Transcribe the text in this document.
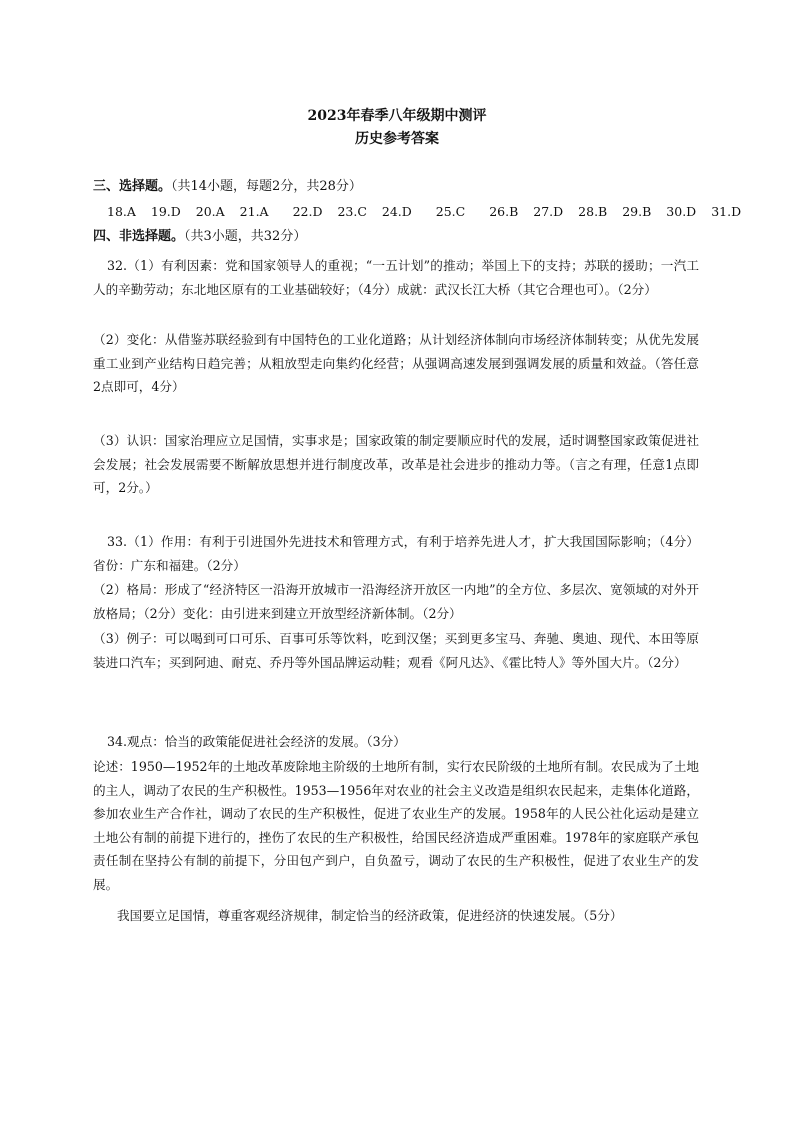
2023年春季八年级期中测评
历史参考答案
三、选择题。（共14小题，每题2分，共28分）
18.A 19.D 20.A 21.A 22.D 23.C 24.D 25.C 26.B 27.D 28.B 29.B 30.D 31.D
四、非选择题。（共3小题，共32分）
32.（1）有利因素：党和国家领导人的重视；“一五计划”的推动；举国上下的支持；苏联的援助；一汽工人的辛勤劳动；东北地区原有的工业基础较好；（4分）成就：武汉长江大桥（其它合理也可）。（2分）
（2）变化：从借鉴苏联经验到有中国特色的工业化道路；从计划经济体制向市场经济体制转变；从优先发展重工业到产业结构日趋完善；从粗放型走向集约化经营；从强调高速发展到强调发展的质量和效益。（答任意2点即可，4分）
（3）认识：国家治理应立足国情，实事求是；国家政策的制定要顺应时代的发展，适时调整国家政策促进社会发展；社会发展需要不断解放思想并进行制度改革，改革是社会进步的推动力等。（言之有理，任意1点即可，2分。）
33.（1）作用：有利于引进国外先进技术和管理方式，有利于培养先进人才，扩大我国国际影响；（4分）省份：广东和福建。（2分）
（2）格局：形成了“经济特区一沿海开放城市一沿海经济开放区一内地”的全方位、多层次、宽领域的对外开放格局；（2分）变化：由引进来到建立开放型经济新体制。（2分）
（3）例子：可以喝到可口可乐、百事可乐等饮料，吃到汉堡；买到更多宝马、奔驰、奥迪、现代、本田等原装进口汽车；买到阿迪、耐克、乔丹等外国品牌运动鞋；观看《阿凡达》、《霍比特人》等外国大片。（2分）
34.观点：恰当的政策能促进社会经济的发展。（3分）
论述：1950—1952年的土地改革废除地主阶级的土地所有制，实行农民阶级的土地所有制。农民成为了土地的主人，调动了农民的生产积极性。1953—1956年对农业的社会主义改造是组织农民起来，走集体化道路，参加农业生产合作社，调动了农民的生产积极性，促进了农业生产的发展。1958年的人民公社化运动是建立土地公有制的前提下进行的，挫伤了农民的生产积极性，给国民经济造成严重困难。1978年的家庭联产承包责任制在坚持公有制的前提下，分田包产到户，自负盈亏，调动了农民的生产积极性，促进了农业生产的发展。
我国要立足国情，尊重客观经济规律，制定恰当的经济政策，促进经济的快速发展。（5分）
